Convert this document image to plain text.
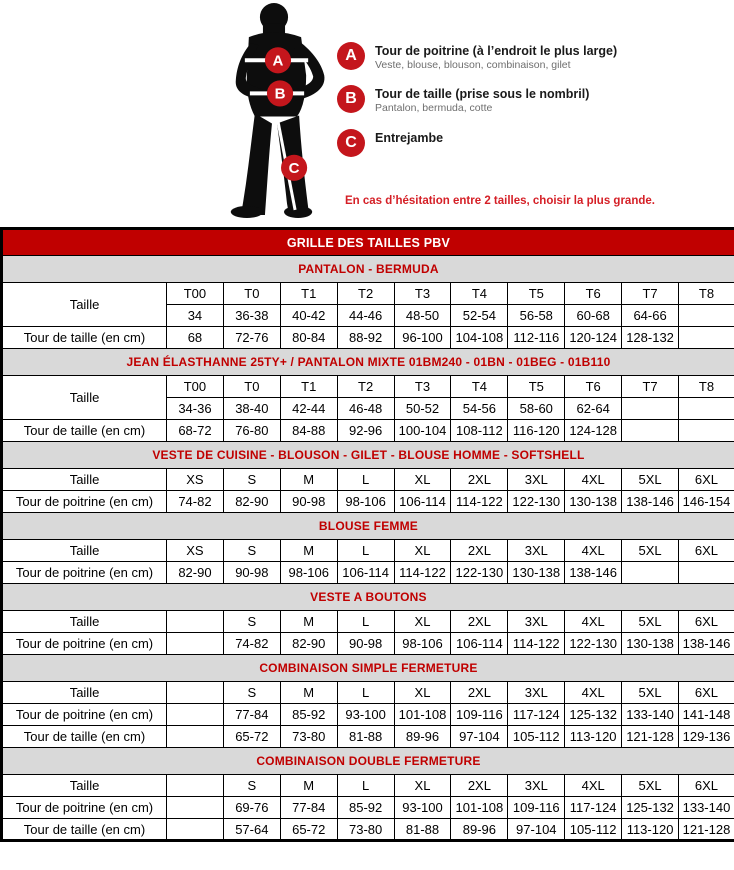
A
B
C
A Tour de poitrine (à l’endroit le plus large)
Veste, blouse, blouson, combinaison, gilet
B Tour de taille (prise sous le nombril)
Pantalon, bermuda, cotte
C Entrejambe
En cas d’hésitation entre 2 tailles, choisir la plus grande.
GRILLE DES TAILLES PBV										
PANTALON - BERMUDA										
Taille	T00	T0	T1	T2	T3	T4	T5	T6	T7	T8
	34	36-38	40-42	44-46	48-50	52-54	56-58	60-68	64-66	
Tour de taille (en cm)	68	72-76	80-84	88-92	96-100	104-108	112-116	120-124	128-132	
JEAN ÉLASTHANNE 25TY+ / PANTALON MIXTE 01BM240 - 01BN - 01BEG - 01B110										
Taille	T00	T0	T1	T2	T3	T4	T5	T6	T7	T8
	34-36	38-40	42-44	46-48	50-52	54-56	58-60	62-64		
Tour de taille (en cm)	68-72	76-80	84-88	92-96	100-104	108-112	116-120	124-128		
VESTE DE CUISINE - BLOUSON - GILET - BLOUSE HOMME - SOFTSHELL										
Taille	XS	S	M	L	XL	2XL	3XL	4XL	5XL	6XL
Tour de poitrine (en cm)	74-82	82-90	90-98	98-106	106-114	114-122	122-130	130-138	138-146	146-154
BLOUSE FEMME										
Taille	XS	S	M	L	XL	2XL	3XL	4XL	5XL	6XL
Tour de poitrine (en cm)	82-90	90-98	98-106	106-114	114-122	122-130	130-138	138-146		
VESTE A BOUTONS										
Taille		S	M	L	XL	2XL	3XL	4XL	5XL	6XL
Tour de poitrine (en cm)		74-82	82-90	90-98	98-106	106-114	114-122	122-130	130-138	138-146
COMBINAISON SIMPLE FERMETURE										
Taille		S	M	L	XL	2XL	3XL	4XL	5XL	6XL
Tour de poitrine (en cm)		77-84	85-92	93-100	101-108	109-116	117-124	125-132	133-140	141-148
Tour de taille (en cm)		65-72	73-80	81-88	89-96	97-104	105-112	113-120	121-128	129-136
COMBINAISON DOUBLE FERMETURE										
Taille		S	M	L	XL	2XL	3XL	4XL	5XL	6XL
Tour de poitrine (en cm)		69-76	77-84	85-92	93-100	101-108	109-116	117-124	125-132	133-140
Tour de taille (en cm)		57-64	65-72	73-80	81-88	89-96	97-104	105-112	113-120	121-128
